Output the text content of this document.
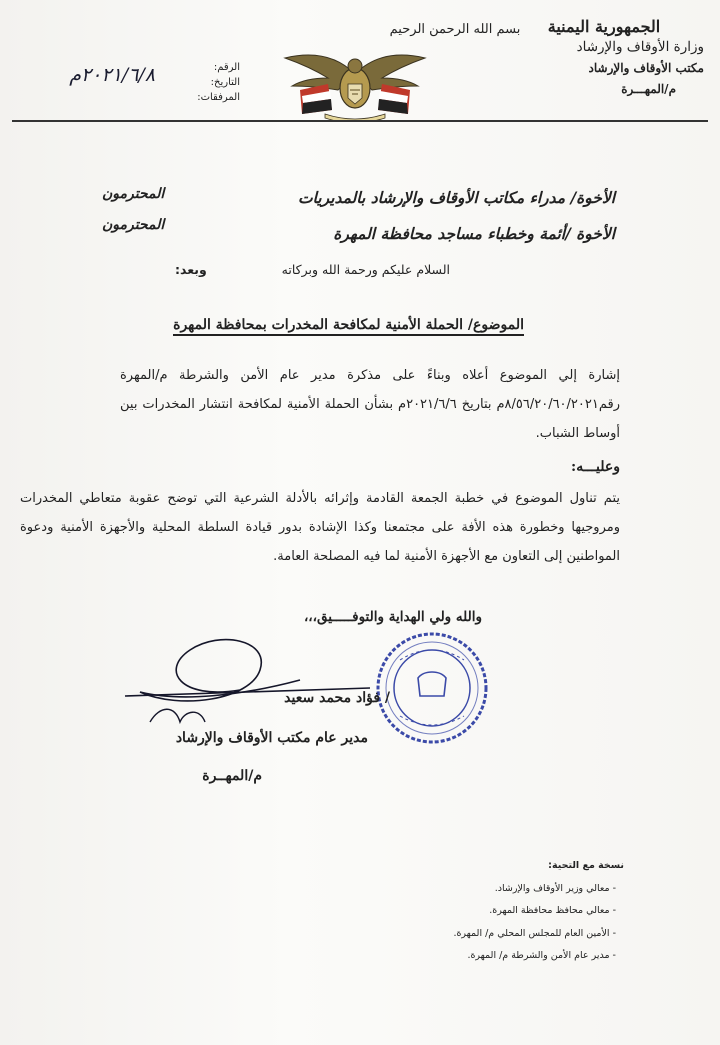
الجمهورية اليمنية
وزارة الأوقاف والإرشاد
مكتب الأوقاف والإرشاد
م/المهـــرة
بسم الله الرحمن الرحيم
الرقم:
التاريخ:
المرفقات:
٢٠٢١/٦/٨م
الأخوة/ مدراء مكاتب الأوقاف والإرشاد بالمديريات
الأخوة /أئمة وخطباء مساجد محافظة المهرة
المحترمون
المحترمون
السلام عليكم ورحمة الله وبركاته
وبعد:
الموضوع/ الحملة الأمنية لمكافحة المخدرات بمحافظة المهرة
إشارة إلي الموضوع أعلاه وبناءً على مذكرة مدير عام الأمن والشرطة م/المهرة رقم٨/٥٦/٢٠/٦٠/٢٠٢١م بتاريخ ٢٠٢١/٦/٦م بشأن الحملة الأمنية لمكافحة انتشار المخدرات بين أوساط الشباب.
وعليـــه:
يتم تناول الموضوع في خطبة الجمعة القادمة وإثرائه بالأدلة الشرعية التي توضح عقوبة متعاطي المخدرات ومروجيها وخطورة هذه الأفة على مجتمعنا وكذا الإشادة بدور قيادة السلطة المحلية والأجهزة الأمنية ودعوة المواطنين إلى التعاون مع الأجهزة الأمنية لما فيه المصلحة العامة.
والله ولي الهداية والتوفـــــيق،،،
/ فؤاد محمد سعيد
مدير عام مكتب الأوقاف والإرشاد
م/المهــرة
نسخة مع التحية:
- معالي وزير الأوقاف والإرشاد.
- معالي محافظ محافظة المهرة.
- الأمين العام للمجلس المحلي م/ المهرة.
- مدير عام الأمن والشرطة م/ المهرة.
